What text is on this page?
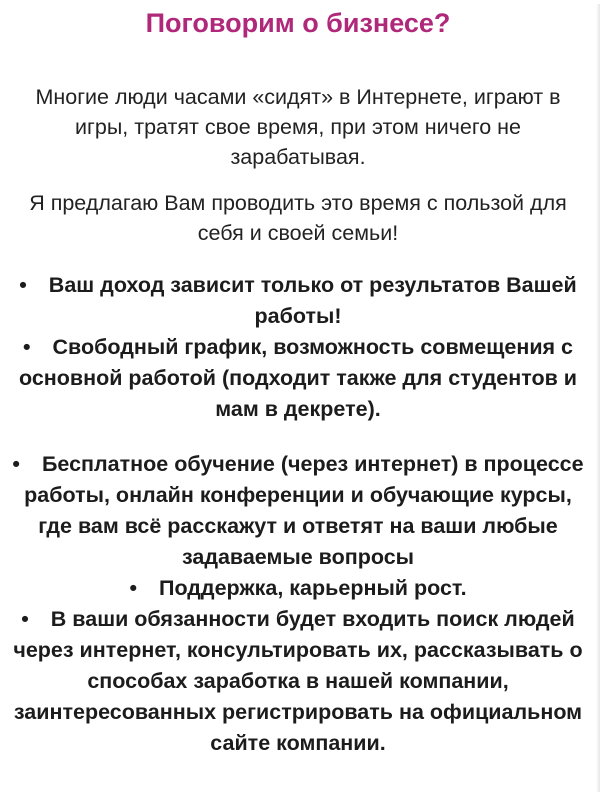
Поговорим о бизнесе?

Многие люди часами «сидят» в Интернете, играют в игры, тратят свое время, при этом ничего не зарабатывая.

Я предлагаю Вам проводить это время с пользой для себя и своей семьи!

• Ваш доход зависит только от результатов Вашей работы!

• Свободный график, возможность совмещения с основной работой (подходит также для студентов и мам в декрете).

• Бесплатное обучение (через интернет) в процессе работы, онлайн конференции и обучающие курсы, где вам всё расскажут и ответят на ваши любые задаваемые вопросы

• Поддержка, карьерный рост.

• В ваши обязанности будет входить поиск людей через интернет, консультировать их, рассказывать о способах заработка в нашей компании, заинтересованных регистрировать на официальном сайте компании.
